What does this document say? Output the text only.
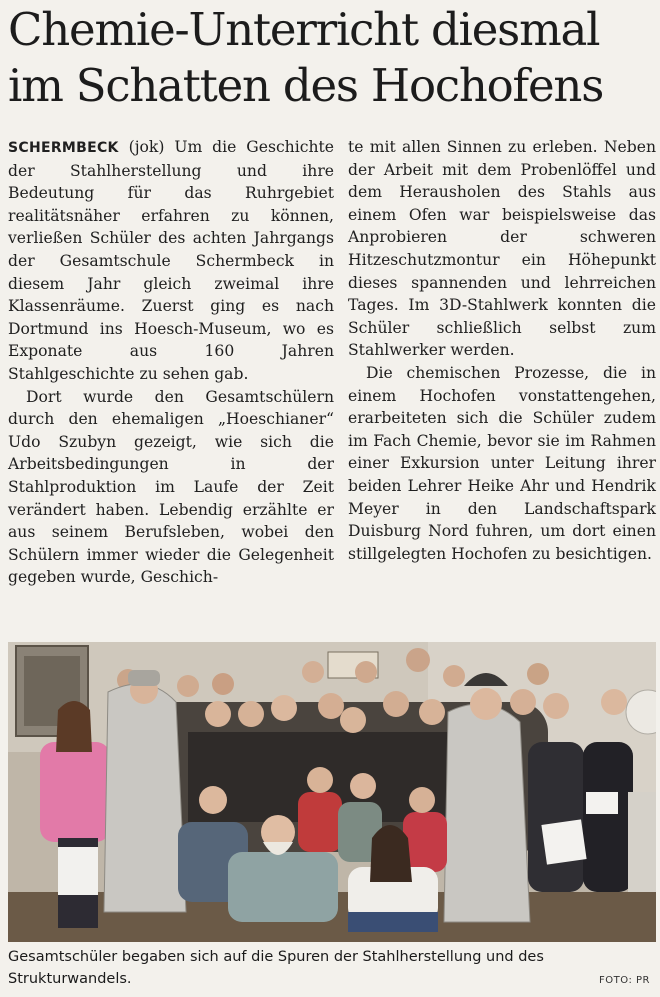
Chemie-Unterricht diesmal
im Schatten des Hochofens

SCHERMBECK (jok) Um die Geschichte der Stahlherstellung und ihre Bedeutung für das Ruhrgebiet realitätsnäher erfahren zu können, verließen Schüler des achten Jahrgangs der Gesamtschule Schermbeck in diesem Jahr gleich zweimal ihre Klassenräume. Zuerst ging es nach Dortmund ins Hoesch-Museum, wo es Exponate aus 160 Jahren Stahlgeschichte zu sehen gab.

Dort wurde den Gesamtschülern durch den ehemaligen „Hoeschianer“ Udo Szubyn gezeigt, wie sich die Arbeitsbedingungen in der Stahlproduktion im Laufe der Zeit verändert haben. Lebendig erzählte er aus seinem Berufsleben, wobei den Schülern immer wieder die Gelegenheit gegeben wurde, Geschich-

te mit allen Sinnen zu erleben. Neben der Arbeit mit dem Probenlöffel und dem Herausholen des Stahls aus einem Ofen war beispielsweise das Anprobieren der schweren Hitzeschutzmontur ein Höhepunkt dieses spannenden und lehrreichen Tages. Im 3D-Stahlwerk konnten die Schüler schließlich selbst zum Stahlwerker werden.

Die chemischen Prozesse, die in einem Hochofen vonstattengehen, erarbeiteten sich die Schüler zudem im Fach Chemie, bevor sie im Rahmen einer Exkursion unter Leitung ihrer beiden Lehrer Heike Ahr und Hendrik Meyer in den Landschaftspark Duisburg Nord fuhren, um dort einen stillgelegten Hochofen zu besichtigen.

Gesamtschüler begaben sich auf die Spuren der Stahlherstellung und des Strukturwandels.	FOTO: PR
